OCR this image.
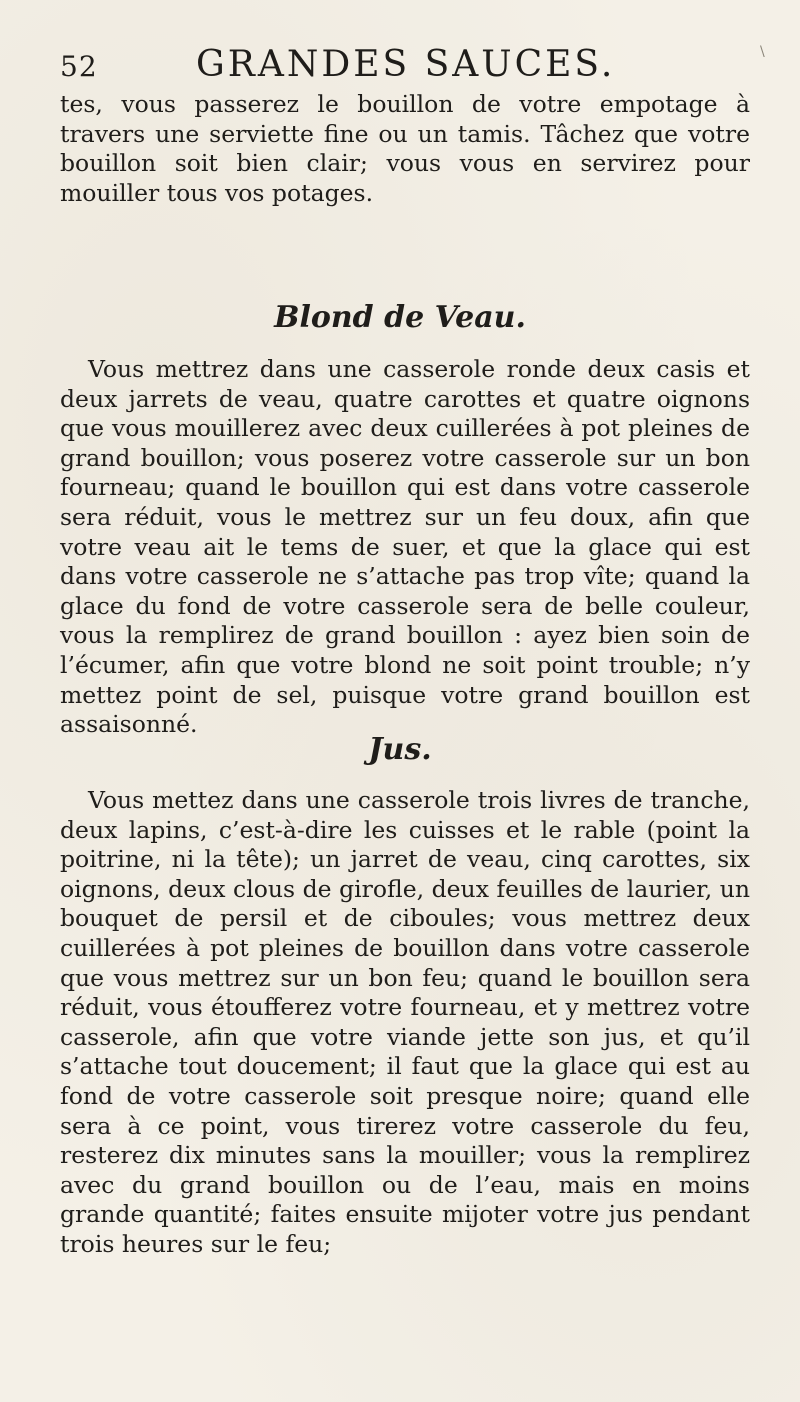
52	GRANDES SAUCES.	\

tes, vous passerez le bouillon de votre empotage à travers une serviette fine ou un tamis. Tâchez que votre bouillon soit bien clair; vous vous en servirez pour mouiller tous vos potages.

Blond de Veau.

Vous mettrez dans une casserole ronde deux casis et deux jarrets de veau, quatre carottes et quatre oignons que vous mouillerez avec deux cuillerées à pot pleines de grand bouillon; vous poserez votre casserole sur un bon fourneau; quand le bouillon qui est dans votre casserole sera réduit, vous le mettrez sur un feu doux, afin que votre veau ait le tems de suer, et que la glace qui est dans votre casserole ne s’attache pas trop vîte; quand la glace du fond de votre casserole sera de belle couleur, vous la remplirez de grand bouillon : ayez bien soin de l’écumer, afin que votre blond ne soit point trouble; n’y mettez point de sel, puisque votre grand bouillon est assaisonné.

Jus.

Vous mettez dans une casserole trois livres de tranche, deux lapins, c’est-à-dire les cuisses et le rable (point la poitrine, ni la tête); un jarret de veau, cinq carottes, six oignons, deux clous de girofle, deux feuilles de laurier, un bouquet de persil et de ciboules; vous mettrez deux cuillerées à pot pleines de bouillon dans votre casserole que vous mettrez sur un bon feu; quand le bouillon sera réduit, vous étoufferez votre fourneau, et y mettrez votre casserole, afin que votre viande jette son jus, et qu’il s’attache tout doucement; il faut que la glace qui est au fond de votre casserole soit presque noire; quand elle sera à ce point, vous tirerez votre casserole du feu, resterez dix minutes sans la mouiller; vous la remplirez avec du grand bouillon ou de l’eau, mais en moins grande quantité; faites ensuite mijoter votre jus pendant trois heures sur le feu;
